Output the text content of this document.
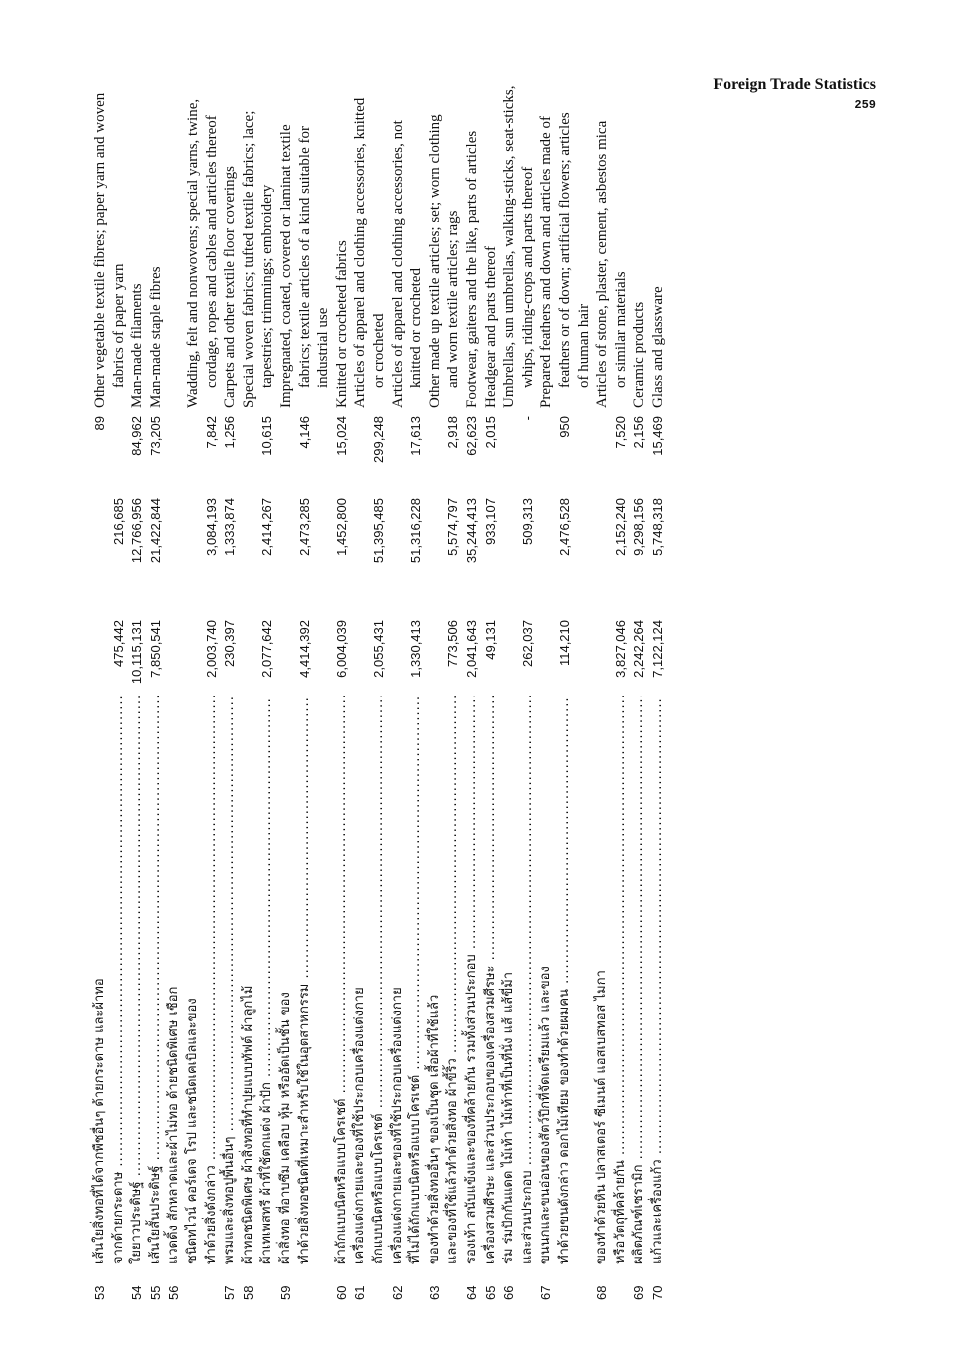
Foreign Trade Statistics
259
53
เส้นใยสิ่งทอที่ได้จากพืชอื่นๆ ด้ายกระดาษ และผ้าทอ
89
Other vegetable textile fibres; paper yarn and woven
จากด้ายกระดาษ .....
475,442
216,685
fabrics of paper yarn
54
ใยยาวประดิษฐ์ .....
10,115,131
12,766,956
84,962
Man-made filaments
55
เส้นใยสั้นประดิษฐ์ .....
7,850,541
21,422,844
73,205
Man-made staple fibres
56
แวดดิ้ง สักหลาดและผ้าไม่ทอ ด้ายชนิดพิเศษ เชือก ชนิดทไวน์ คอร์เดจ โรป และชนิดเคเบิลและของ
Wadding, felt and nonwovens; special yarns, twine,
ทำด้วยสิ่งดังกล่าว .....
2,003,740
3,084,193
7,842
cordage, ropes and cables and articles thereof
57
พรมและสิ่งทอปูพื้นอื่นๆ .....
230,397
1,333,874
1,256
Carpets and other textile floor coverings
58
ผ้าทอชนิดพิเศษ ผ้าสิ่งทอที่ทำปุยแบบทัฟต์ ผ้าลูกไม้
Special woven fabrics; tufted textile fabrics; lace;
ผ้าเทเพสทรี ผ้าที่ใช้ตกแต่ง ผ้าปัก .....
2,077,642
2,414,267
10,615
tapestries; trimmings; embroidery
59
ผ้าสิ่งทอ ที่อาบซึม เคลือบ หุ้ม หรืออัดเป็นชั้น ของ
Impregnated, coated, covered or laminat textile
ทำด้วยสิ่งทอชนิดที่เหมาะสำหรับใช้ในอุตสาหกรรม .....
4,414,392
2,473,285
4,146
fabrics; textile articles of a kind suitable for industrial use
60
ผ้าถักแบบนิตหรือแบบโครเชต์ .....
6,004,039
1,452,800
15,024
Knitted or crocheted fabrics
61
เครื่องแต่งกายและของที่ใช้ประกอบเครื่องแต่งกาย
Articles of apparel and clothing accessories, knitted
ถักแบบนิตหรือแบบโครเชต์ .....
2,055,431
51,395,485
299,248
or crocheted
62
เครื่องแต่งกายและของที่ใช้ประกอบเครื่องแต่งกาย
Articles of apparel and clothing accessories, not
ที่ไม่ได้ถักแบบนิตหรือแบบโครเชต์ .....
1,330,413
51,316,228
17,613
knitted or crocheted
63
ของทำด้วยสิ่งทออื่นๆ ของเป็นชุด เสื้อผ้าที่ใช้แล้ว
Other made up textile articles; set; worn clothing
และของที่ใช้แล้วทำด้วยสิ่งทอ ผ้าขี้ริ้ว .....
773,506
5,574,797
2,918
and worn textile articles; rags
64
รองเท้า สนับแข้งและของที่คล้ายกัน รวมทั้งส่วนประกอบ .....
2,041,643
35,244,413
62,623
Footwear, gaiters and the like, parts of articles
65
เครื่องสวมศีรษะ และส่วนประกอบของเครื่องสวมศีรษะ .....
49,131
933,107
2,015
Headgear and parts thereof
66
ร่ม ร่มปักกันแดด ไม้เท้า ไม้เท้าที่เป็นที่นั่ง แส้ แส้ขี่ม้า
Umbrellas, sun umbrellas, walking-sticks, seat-sticks,
และส่วนประกอบ .....
262,037
509,313
-
whips, riding-crops and parts thereof
67
ขนนกและขนอ่อนของสัตว์ปีกที่จัดเตรียมแล้ว และของ
Prepared feathers and down and articles made of
ทำด้วยขนดังกล่าว ดอกไม้เทียม ของทำด้วยผมคน .....
114,210
2,476,528
950
feathers or of down; artificial flowers; articles of human hair
68
ของทำด้วยหิน ปลาสเตอร์ ซีเมนต์ แอสเบสทอส ไมกา
Articles of stone, plaster, cement, asbestos mica
หรือวัตถุที่คล้ายกัน .....
3,827,046
2,152,240
7,520
or similar materials
69
ผลิตภัณฑ์เซรามิก .....
2,242,264
9,298,156
2,156
Ceramic products
70
แก้วและเครื่องแก้ว .....
7,122,124
5,748,318
15,469
Glass and glassware
